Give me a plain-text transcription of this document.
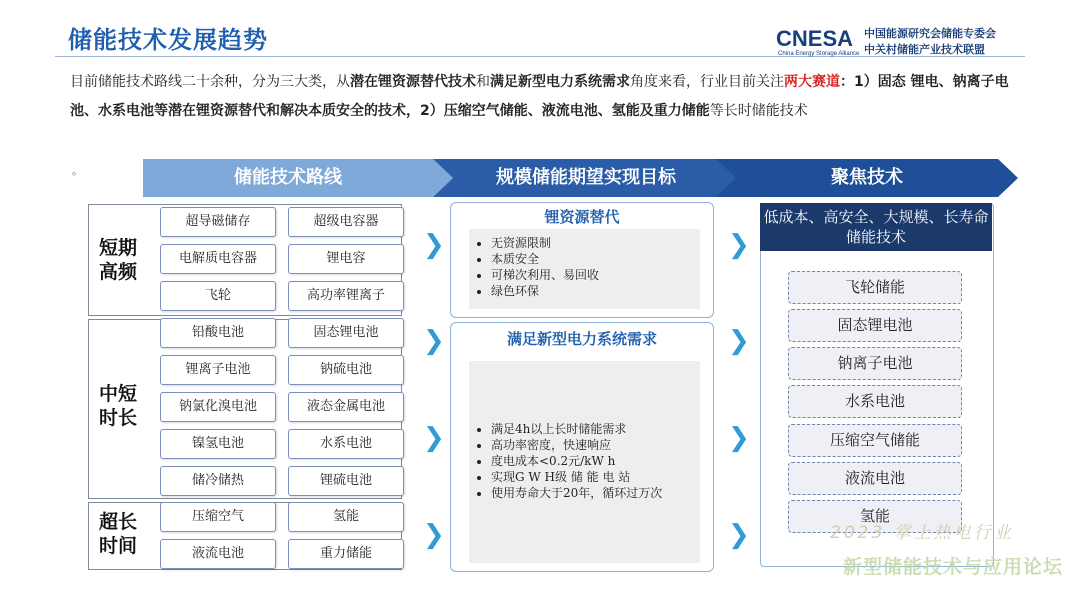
储能技术发展趋势	CNESA
China Energy Storage Alliance
中国能源研究会储能专委会
中关村储能产业技术联盟
目前储能技术路线二十余种，分为三大类，从潜在锂资源替代技术和满足新型电力系统需求角度来看，行业目前关注两大赛道：1）固态 锂电、钠离子电池、水系电池等潜在锂资源替代和解决本质安全的技术，2）压缩空气储能、液流电池、氢能及重力储能等长时储能技术
。	储能技术路线	规模储能期望实现目标	聚焦技术
短期
高频
超导磁储存	超级电容器
电解质电容器	锂电容
飞轮	高功率锂离子
中短
时长
铅酸电池	固态锂电池
锂离子电池	钠硫电池
钠氯化溴电池	液态金属电池
镍氢电池	水系电池
储冷储热	锂硫电池
超长
时间
压缩空气	氢能
液流电池	重力储能
❯
❯
❯
❯
❯
❯
❯
❯
锂资源替代
• 无资源限制
• 本质安全
• 可梯次利用、易回收
• 绿色环保
满足新型电力系统需求
• 满足4h以上长时储能需求
• 高功率密度，快速响应
• 度电成本<0.2元/kW h
• 实现G W H级 储 能 电 站
• 使用寿命大于20年，循环过万次
低成本、高安全、大规模、长寿命储能技术
飞轮储能
固态锂电池
钠离子电池
水系电池
压缩空气储能
液流电池
氢能
2023 掌上热电行业
新型储能技术与应用论坛
